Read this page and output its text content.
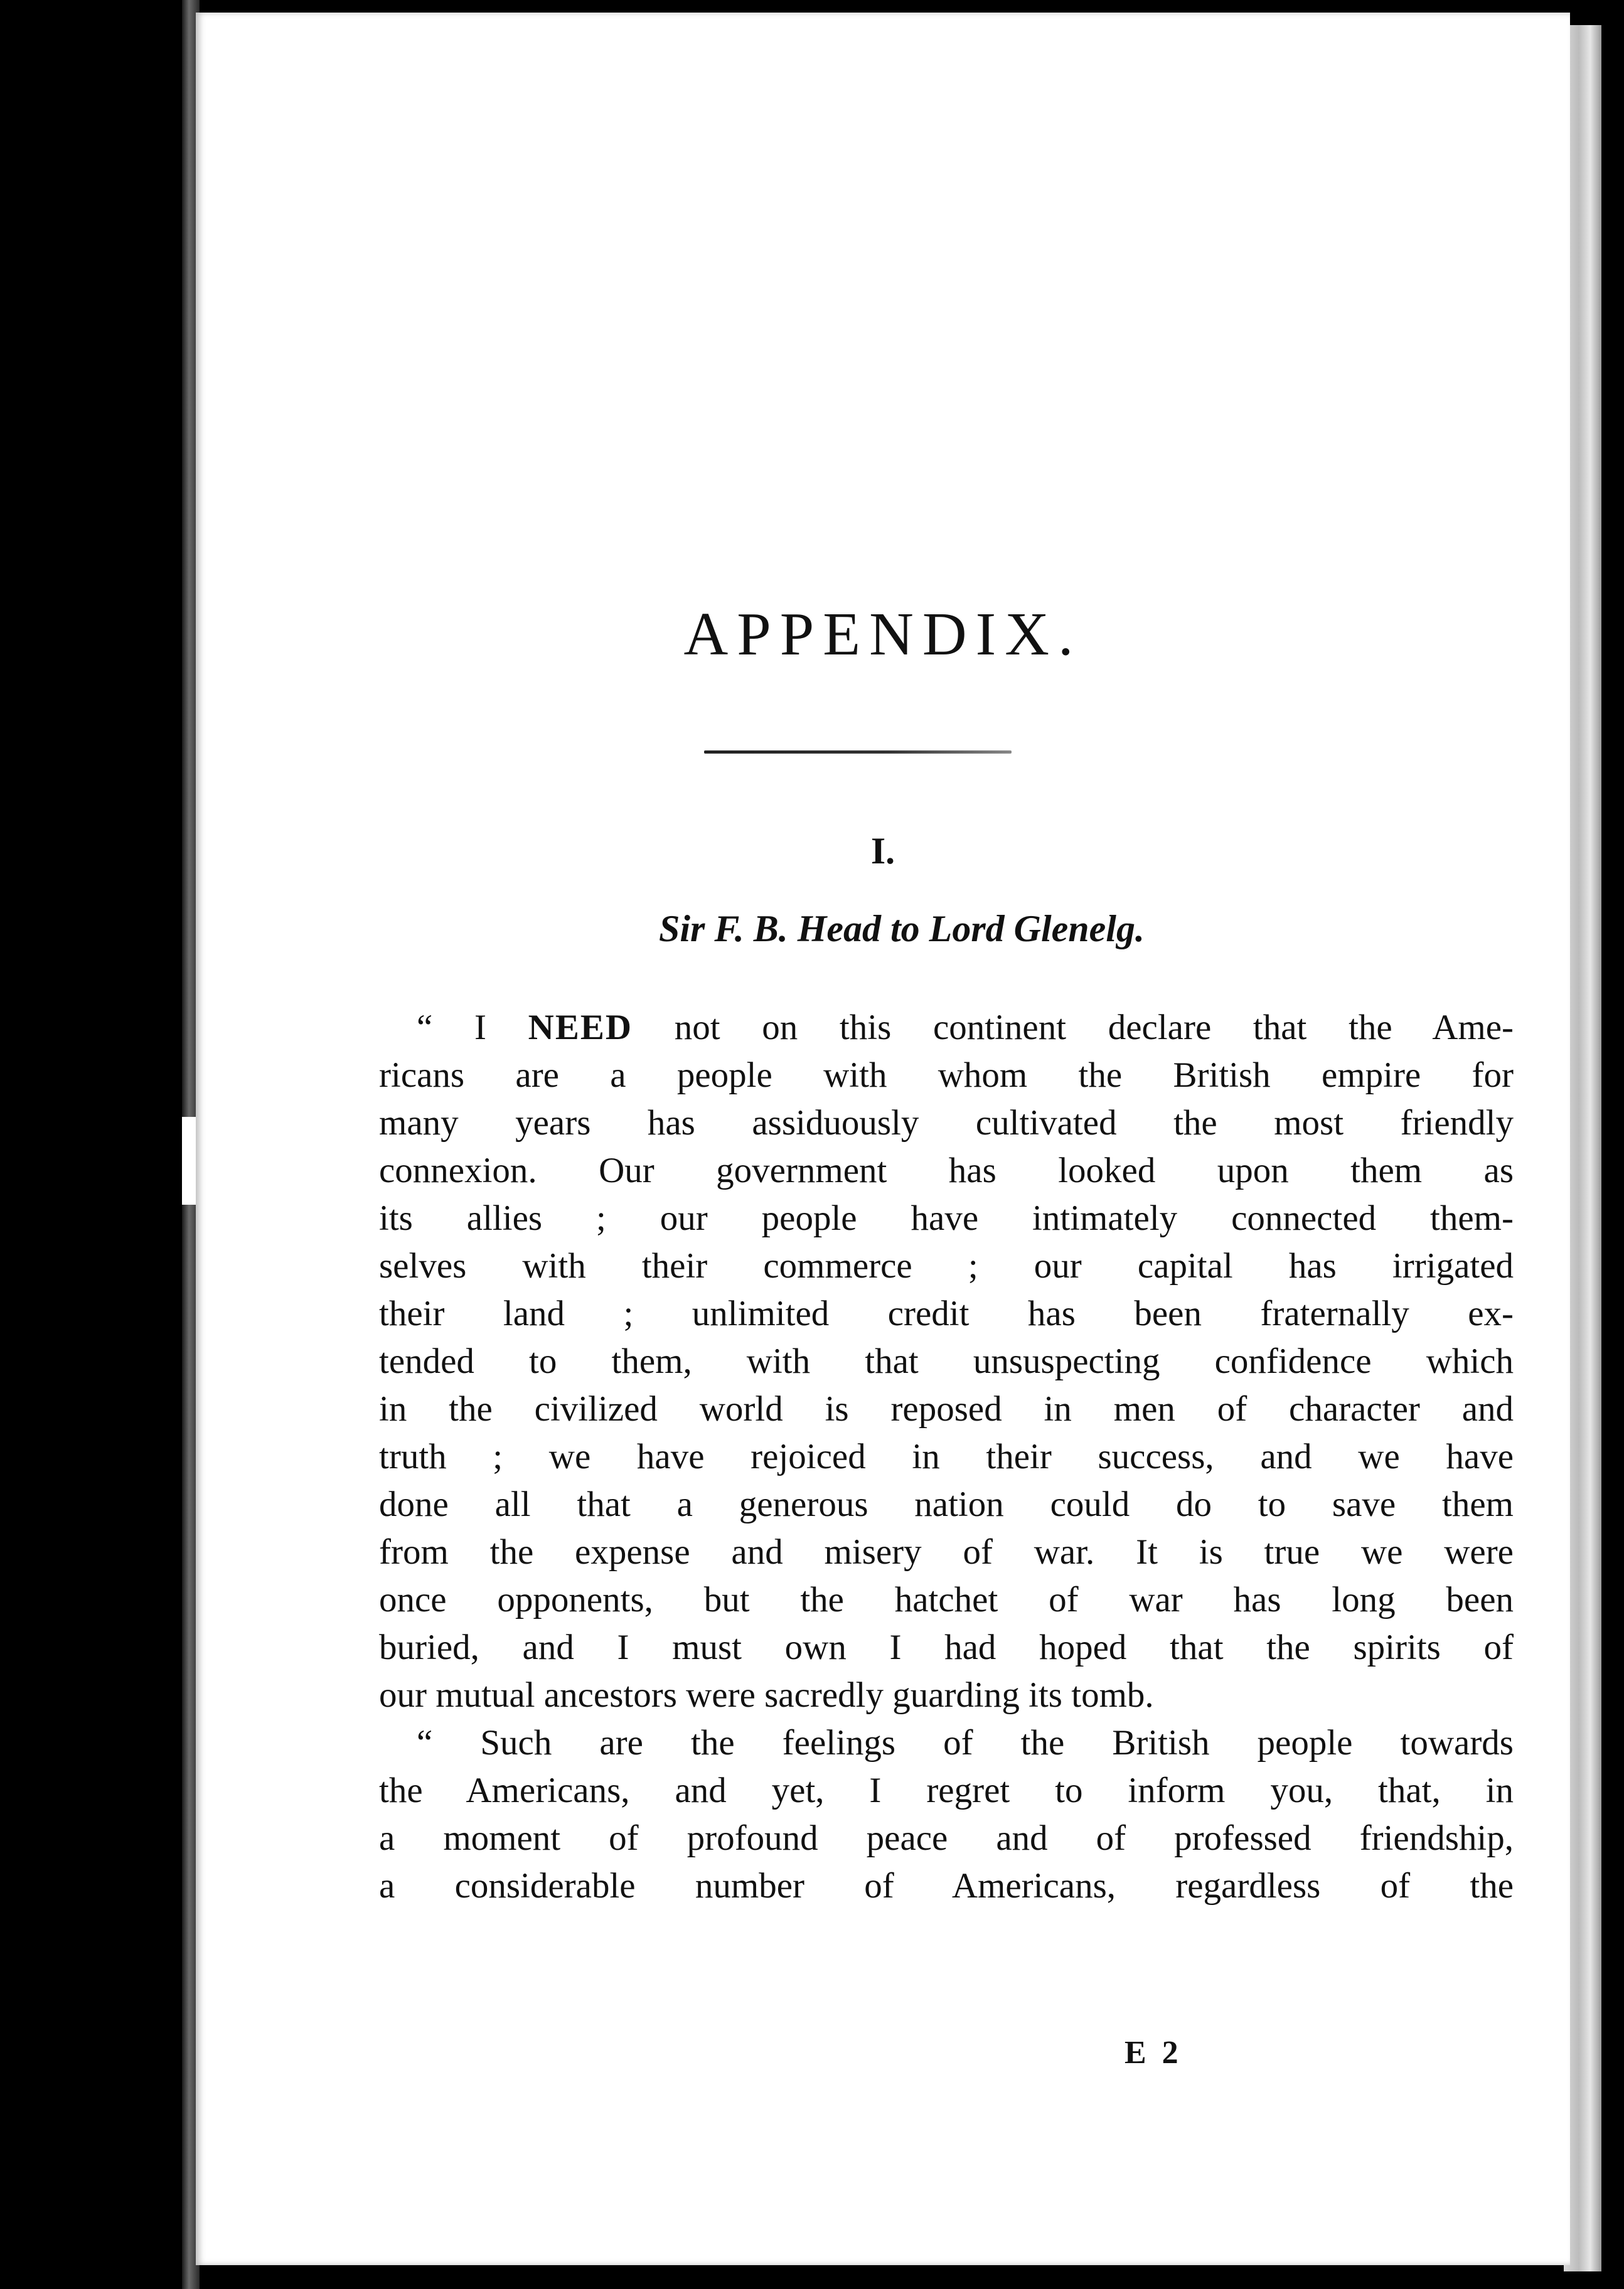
APPENDIX.
I.
Sir F. B. Head to Lord Glenelg.
“ I NEED not on this continent declare that the Ame-
ricans are a people with whom the British empire for
many years has assiduously cultivated the most friendly
connexion. Our government has looked upon them as
its allies ; our people have intimately connected them-
selves with their commerce ; our capital has irrigated
their land ; unlimited credit has been fraternally ex-
tended to them, with that unsuspecting confidence which
in the civilized world is reposed in men of character and
truth ; we have rejoiced in their success, and we have
done all that a generous nation could do to save them
from the expense and misery of war. It is true we were
once opponents, but the hatchet of war has long been
buried, and I must own I had hoped that the spirits of
our mutual ancestors were sacredly guarding its tomb.
“ Such are the feelings of the British people towards
the Americans, and yet, I regret to inform you, that, in
a moment of profound peace and of professed friendship,
a considerable number of Americans, regardless of the
E 2
